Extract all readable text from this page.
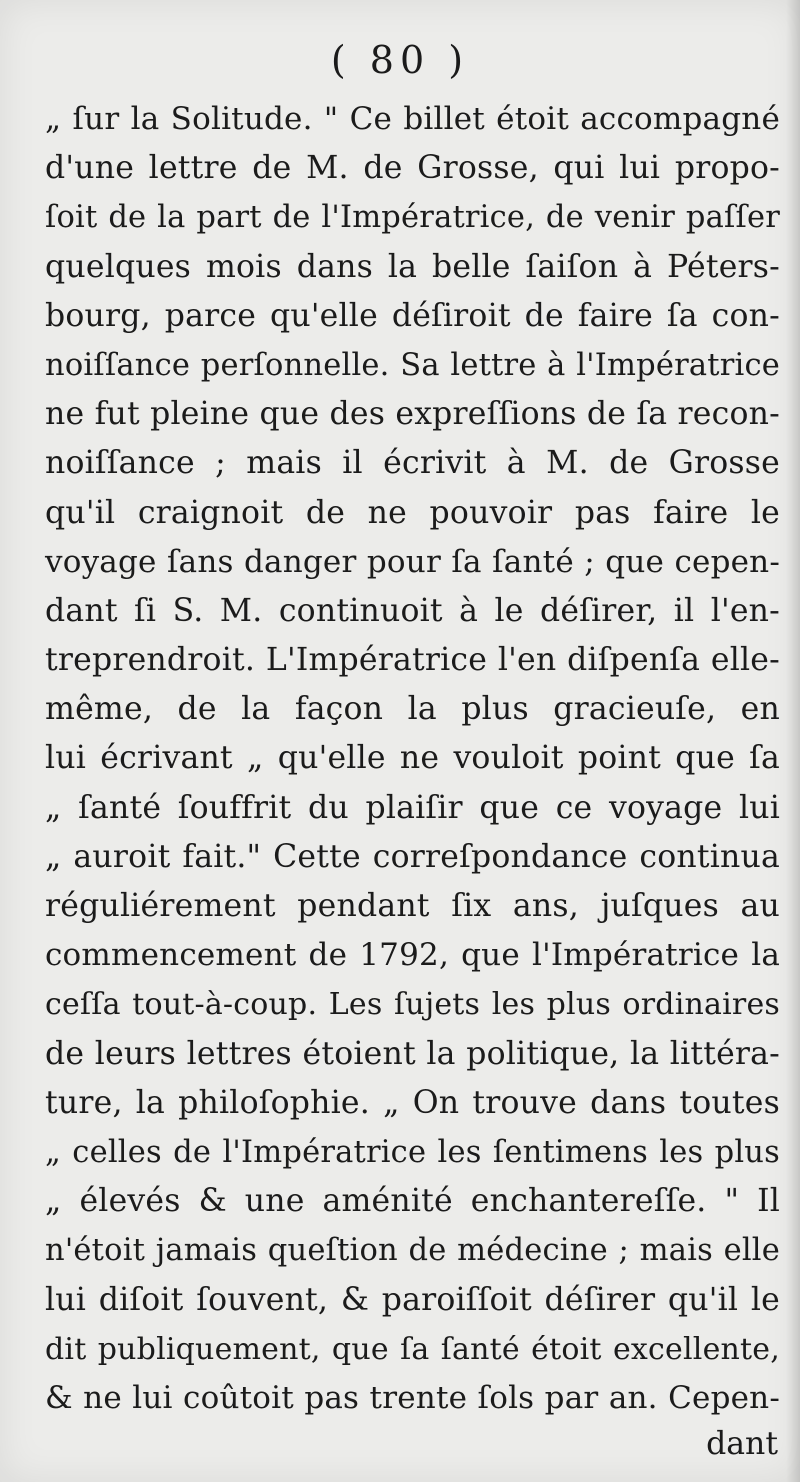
( 80 )
„ ſur la Solitude. " Ce billet étoit accompagné
d'une lettre de M. de Grosse, qui lui propo-
ſoit de la part de l'Impératrice, de venir paſſer
quelques mois dans la belle ſaiſon à Péters-
bourg, parce qu'elle déſiroit de faire ſa con-
noiſſance perſonnelle. Sa lettre à l'Impératrice
ne fut pleine que des expreſſions de ſa recon-
noiſſance ; mais il écrivit à M. de Grosse
qu'il craignoit de ne pouvoir pas faire le
voyage ſans danger pour ſa ſanté ; que cepen-
dant ſi S. M. continuoit à le déſirer, il l'en-
treprendroit. L'Impératrice l'en diſpenſa elle-
même, de la façon la plus gracieuſe, en
lui écrivant „ qu'elle ne vouloit point que ſa
„ ſanté ſouffrit du plaiſir que ce voyage lui
„ auroit fait." Cette correſpondance continua
réguliérement pendant ſix ans, juſques au
commencement de 1792, que l'Impératrice la
ceſſa tout-à-coup. Les ſujets les plus ordinaires
de leurs lettres étoient la politique, la littéra-
ture, la philoſophie. „ On trouve dans toutes
„ celles de l'Impératrice les ſentimens les plus
„ élevés & une aménité enchantereſſe. " Il
n'étoit jamais queſtion de médecine ; mais elle
lui diſoit ſouvent, & paroiſſoit déſirer qu'il le
dit publiquement, que ſa ſanté étoit excellente,
& ne lui coûtoit pas trente ſols par an. Cepen-
dant
